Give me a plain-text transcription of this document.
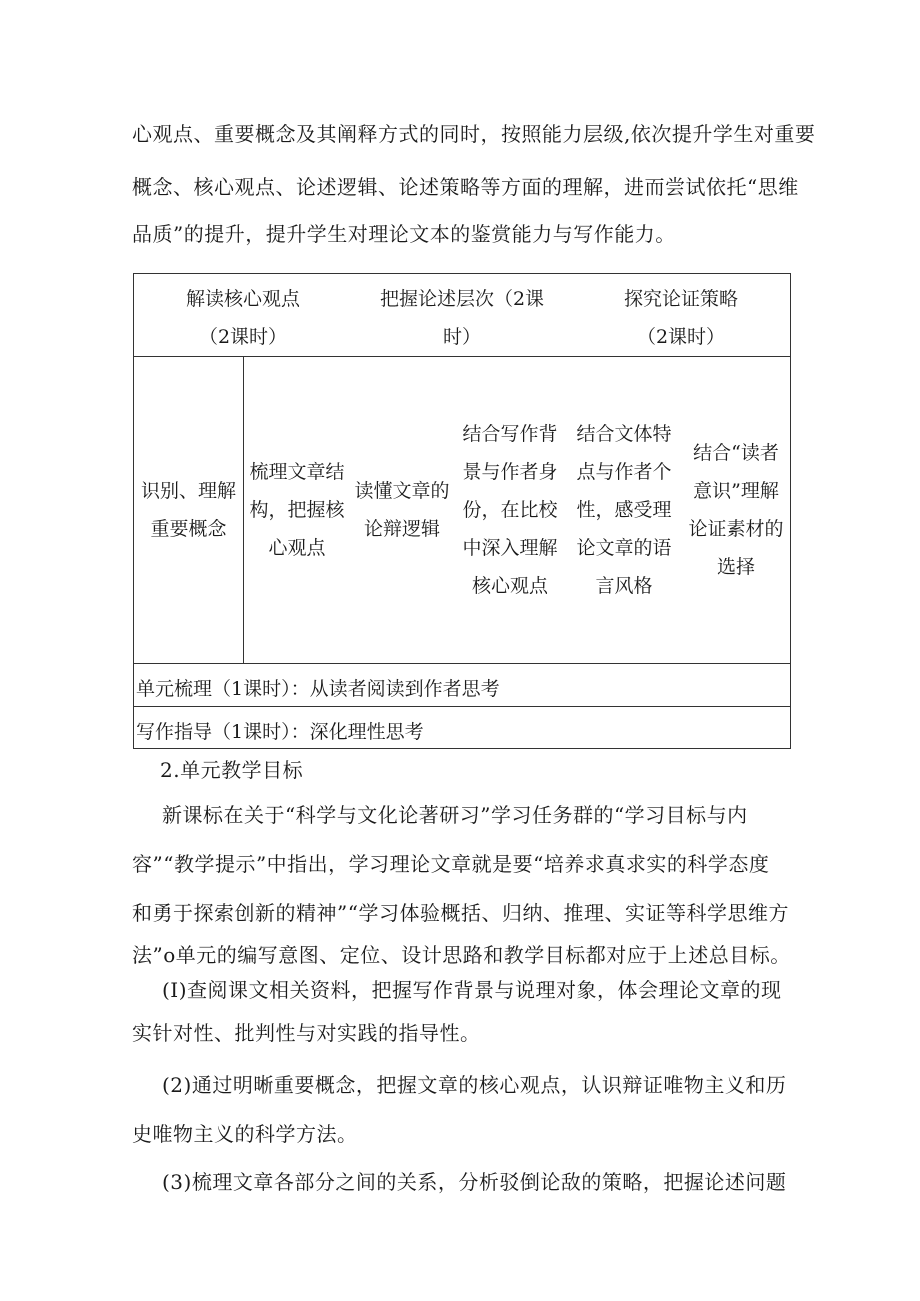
心观点、重要概念及其阐释方式的同时，按照能力层级,依次提升学生对重要
概念、核心观点、论述逻辑、论述策略等方面的理解，进而尝试依托“思维
品质”的提升，提升学生对理论文本的鉴赏能力与写作能力。
解读核心观点
（2课时）
把握论述层次（2课
时）
探究论证策略
（2课时）
识别、理解
重要概念
梳理文章结
构，把握核
心观点
读懂文章的
论辩逻辑
结合写作背
景与作者身
份，在比校
中深入理解
核心观点
结合文体特
点与作者个
性，感受理
论文章的语
言风格
结合“读者
意识”理解
论证素材的
选择
单元梳理（1课时）：从读者阅读到作者思考
写作指导（1课时）：深化理性思考
2.单元教学目标
新课标在关于“科学与文化论著研习”学习任务群的“学习目标与内
容”“教学提示”中指出，学习理论文章就是要“培养求真求实的科学态度
和勇于探索创新的精神”“学习体验概括、归纳、推理、实证等科学思维方
法”o单元的编写意图、定位、设计思路和教学目标都对应于上述总目标。
(I)查阅课文相关资料，把握写作背景与说理对象，体会理论文章的现
实针对性、批判性与对实践的指导性。
(2)通过明晰重要概念，把握文章的核心观点，认识辩证唯物主义和历
史唯物主义的科学方法。
(3)梳理文章各部分之间的关系，分析驳倒论敌的策略，把握论述问题
